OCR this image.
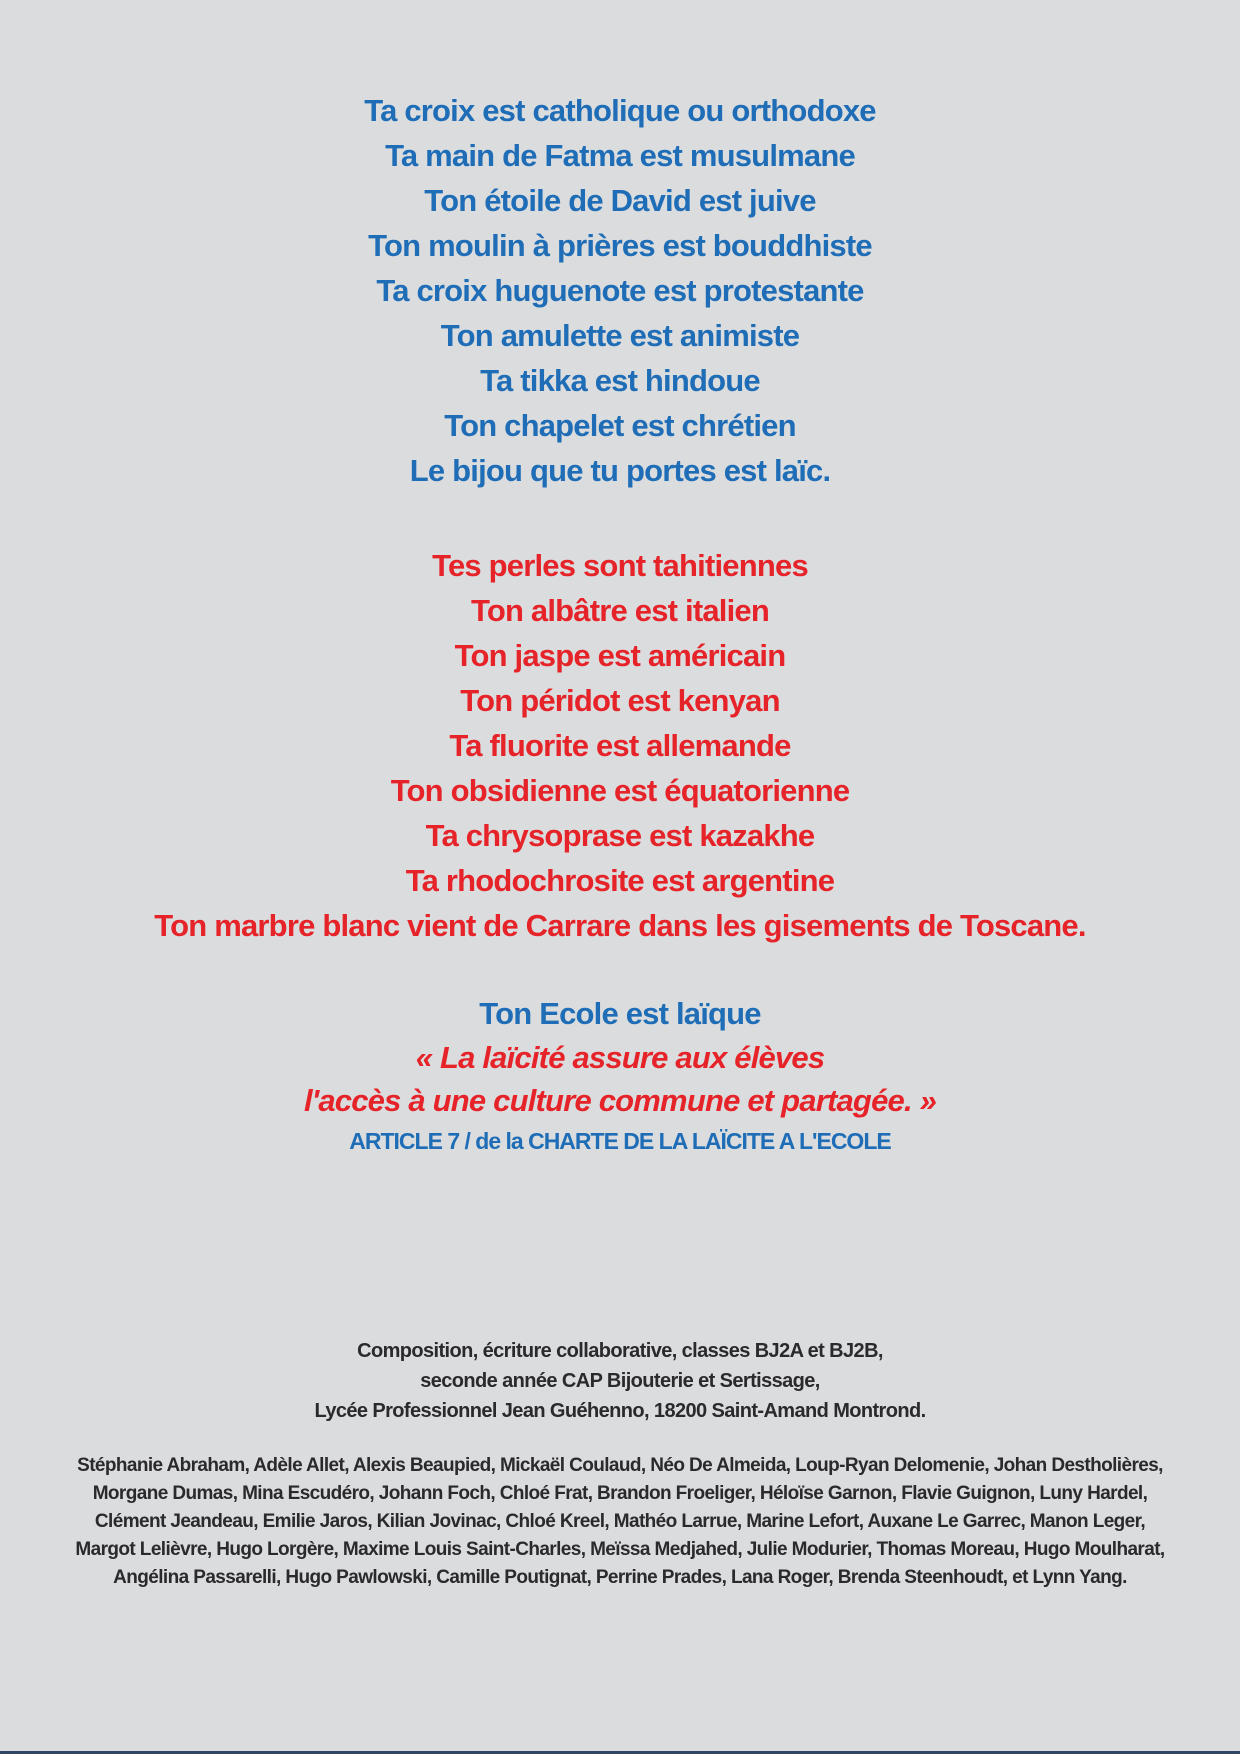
Ta croix est catholique ou orthodoxe
Ta main de Fatma est musulmane
Ton étoile de David est juive
Ton moulin à prières est bouddhiste
Ta croix huguenote est protestante
Ton amulette est animiste
Ta tikka est hindoue
Ton chapelet est chrétien
Le bijou que tu portes est laïc.
Tes perles sont tahitiennes
Ton albâtre est italien
Ton jaspe est américain
Ton péridot est kenyan
Ta fluorite est allemande
Ton obsidienne est équatorienne
Ta chrysoprase est kazakhe
Ta rhodochrosite est argentine
Ton marbre blanc vient de Carrare dans les gisements de Toscane.
Ton Ecole est laïque
« La laïcité assure aux élèves
l'accès à une culture commune et partagée. »
ARTICLE 7 / de la CHARTE DE LA LAÏCITE A L'ECOLE
Composition, écriture collaborative, classes BJ2A et BJ2B,
seconde année CAP Bijouterie et Sertissage,
Lycée Professionnel Jean Guéhenno, 18200 Saint-Amand Montrond.
Stéphanie Abraham, Adèle Allet, Alexis Beaupied, Mickaël Coulaud, Néo De Almeida, Loup-Ryan Delomenie, Johan Destholières,
Morgane Dumas, Mina Escudéro, Johann Foch, Chloé Frat, Brandon Froeliger, Héloïse Garnon, Flavie Guignon, Luny Hardel,
Clément Jeandeau, Emilie Jaros, Kilian Jovinac, Chloé Kreel, Mathéo Larrue, Marine Lefort, Auxane Le Garrec, Manon Leger,
Margot Lelièvre, Hugo Lorgère, Maxime Louis Saint-Charles, Meïssa Medjahed, Julie Modurier, Thomas Moreau, Hugo Moulharat,
Angélina Passarelli, Hugo Pawlowski, Camille Poutignat, Perrine Prades, Lana Roger, Brenda Steenhoudt, et Lynn Yang.
